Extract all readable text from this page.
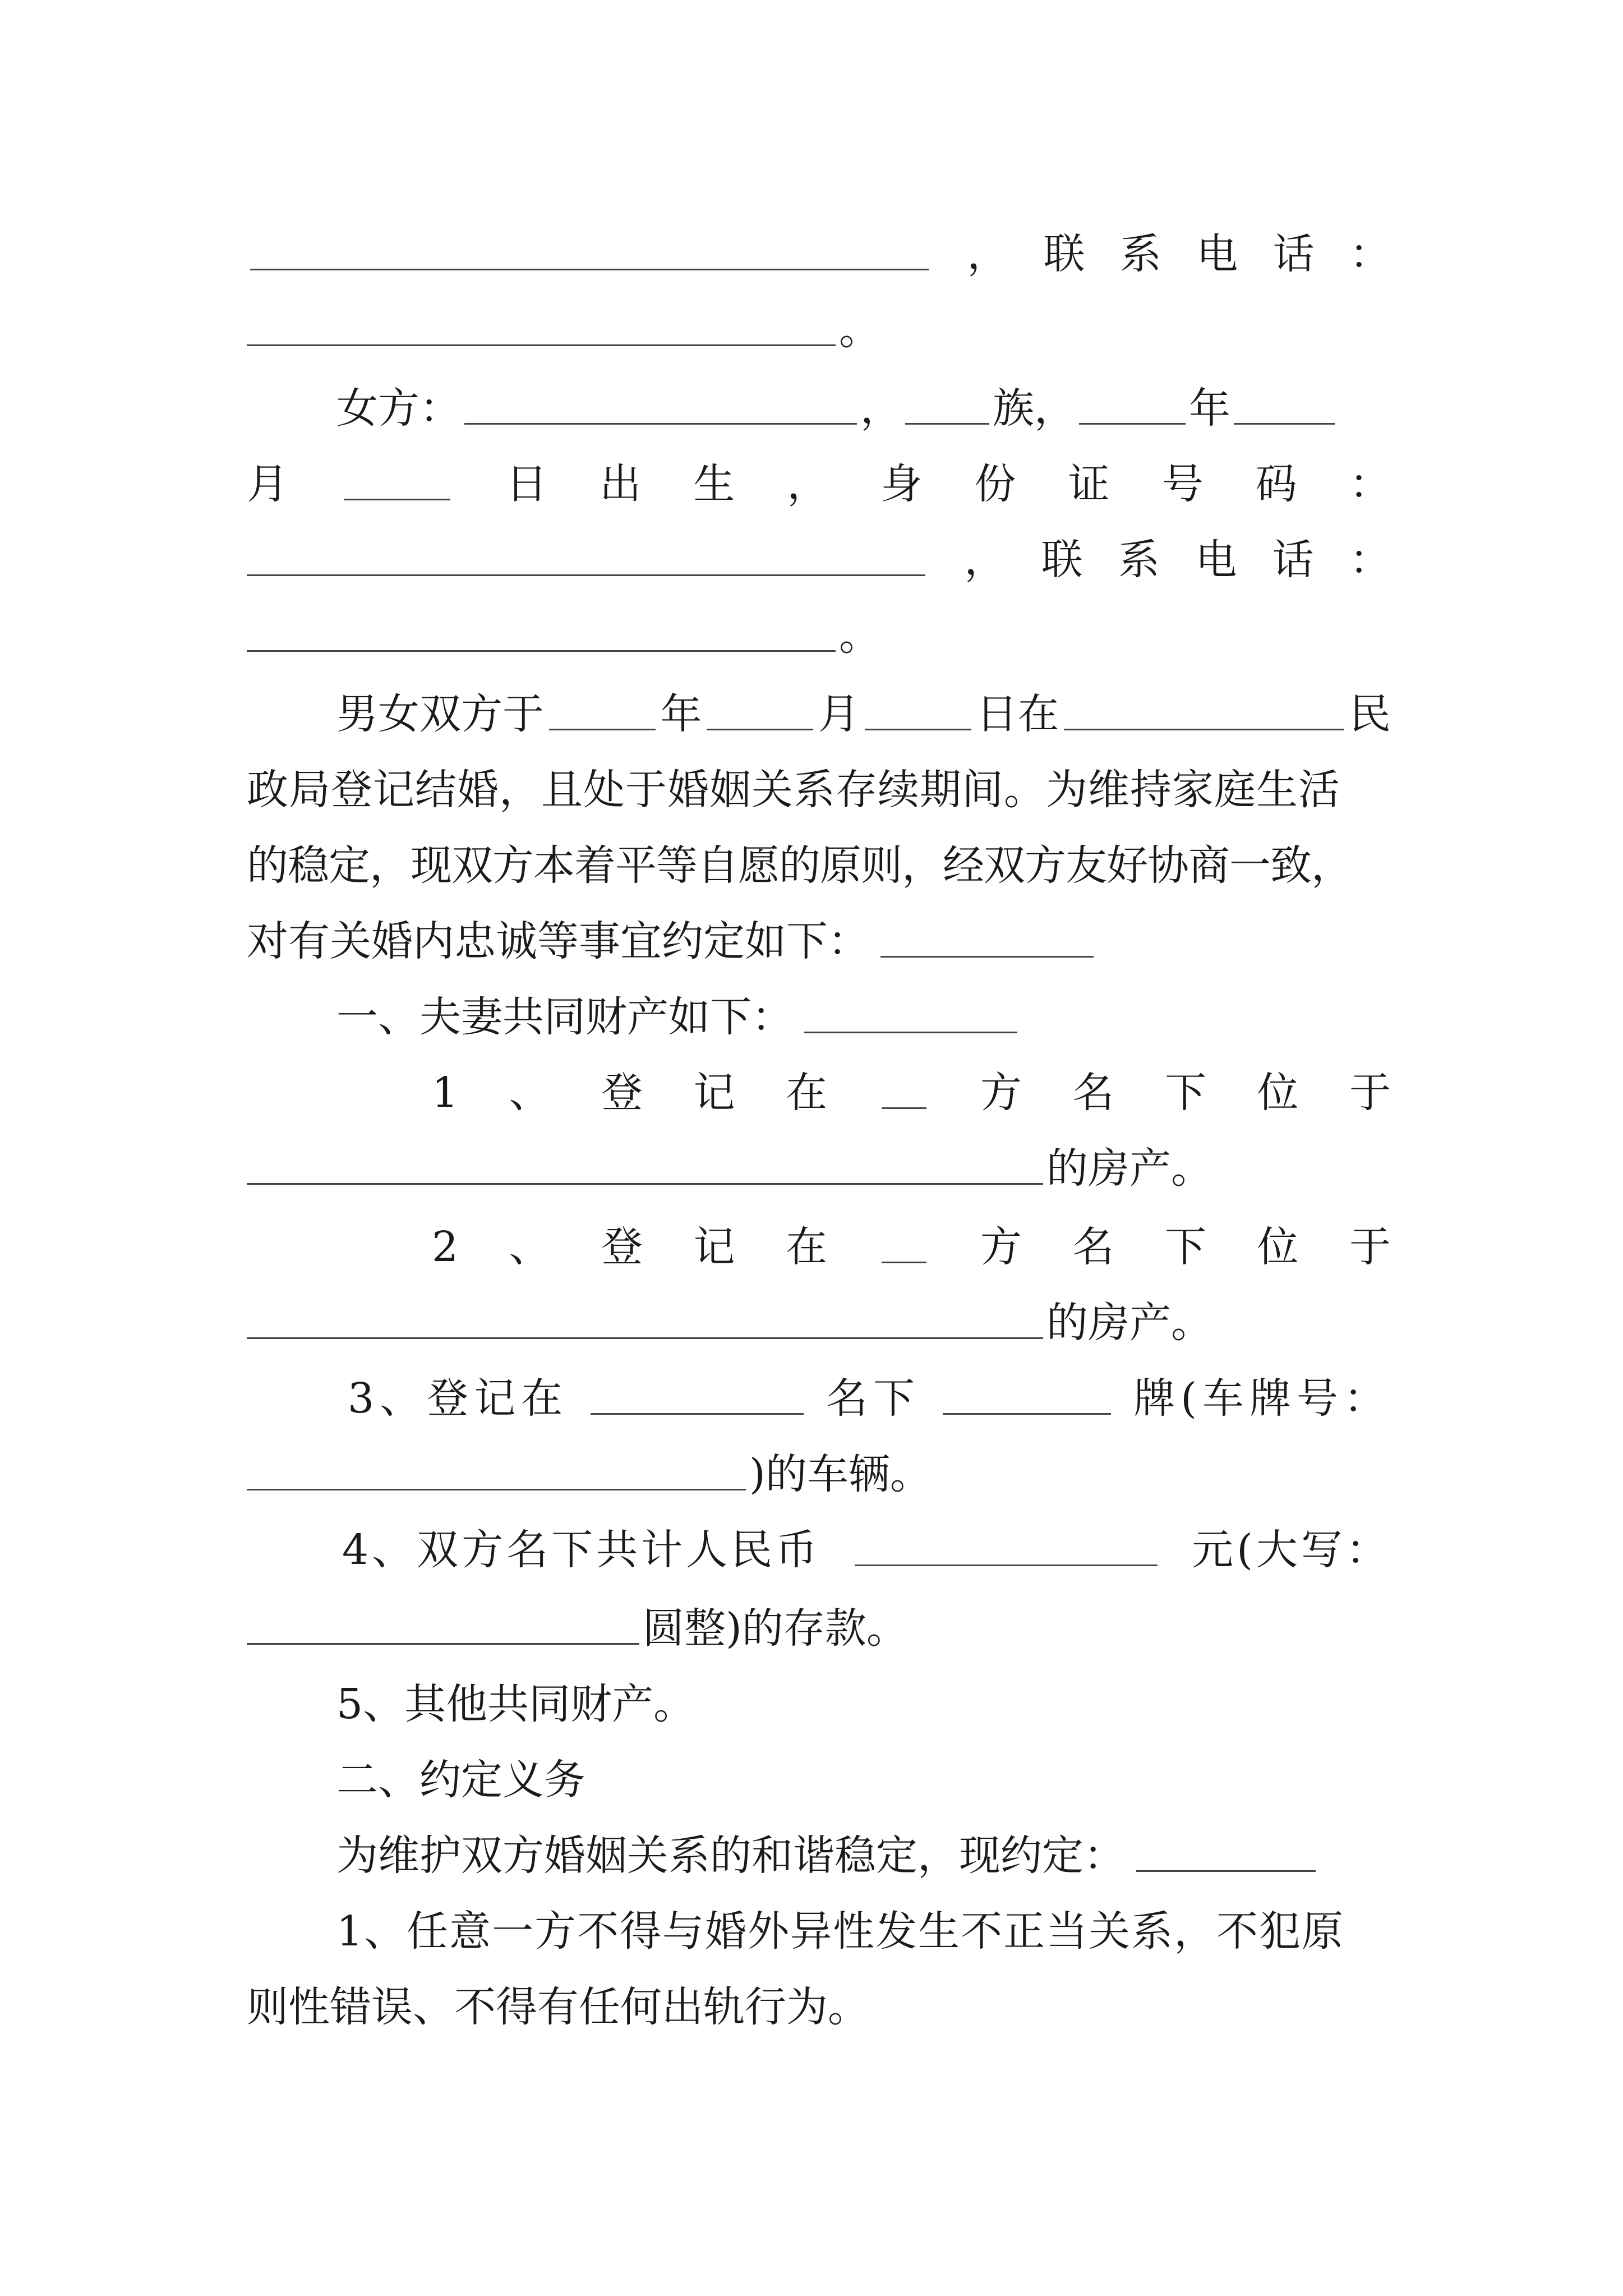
， 联 系 电 话 ：
。
女方：	， 族，	年
月	日 出 生 ， 身 份 证 号 码 ：
， 联 系 电 话 ：
。
男女双方于	年	月	日在	民
政局登记结婚，且处于婚姻关系存续期间。为维持家庭生活
的稳定，现双方本着平等自愿的原则，经双方友好协商一致，
对有关婚内忠诚等事宜约定如下：
一、夫妻共同财产如下：
1 、 登 记 在	方 名 下 位 于
的房产。
2 、 登 记 在	方 名 下 位 于
的房产。
3、登记在	名下	牌(车牌号：
)的车辆。
4、双方名下共计人民币	元(大写：
圆整)的存款。
5、其他共同财产。
二、约定义务
为维护双方婚姻关系的和谐稳定，现约定：
1、任意一方不得与婚外异性发生不正当关系，不犯原
则性错误、不得有任何出轨行为。
